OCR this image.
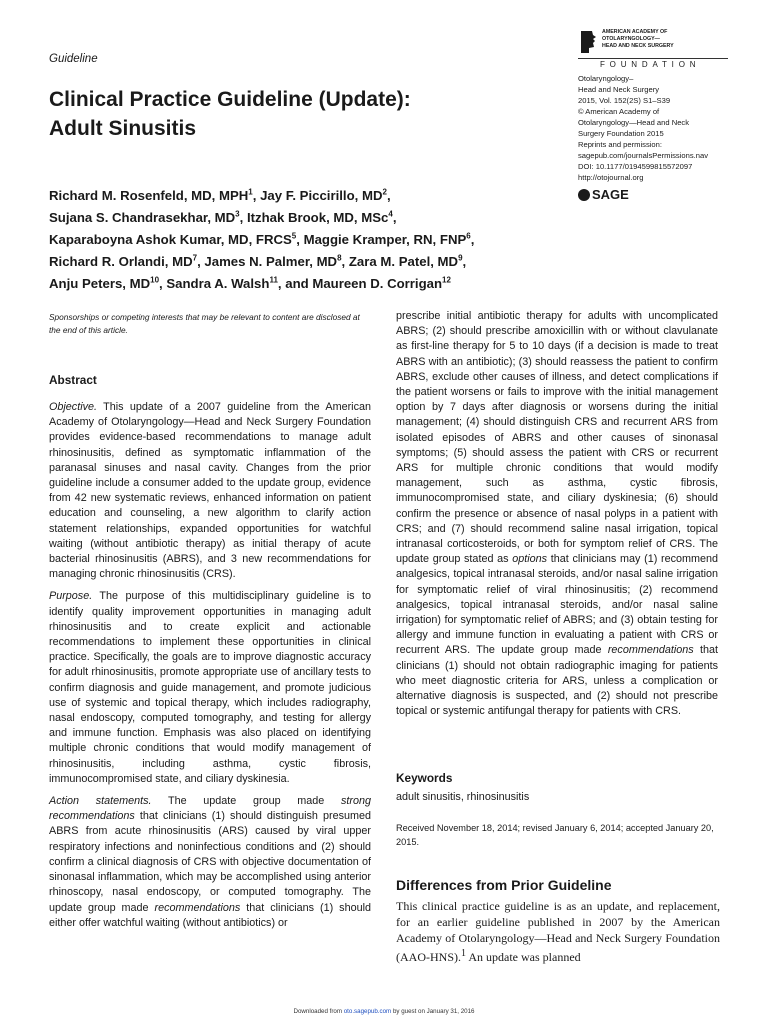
Guideline
AMERICAN ACADEMY OF
OTOLARYNGOLOGY—
HEAD AND NECK SURGERY
FOUNDATION
Otolaryngology–
Head and Neck Surgery
2015, Vol. 152(2S) S1–S39
© American Academy of
Otolaryngology—Head and Neck
Surgery Foundation 2015
Reprints and permission:
sagepub.com/journalsPermissions.nav
DOI: 10.1177/0194599815572097
http://otojournal.org
SAGE
Clinical Practice Guideline (Update):
Adult Sinusitis

Richard M. Rosenfeld, MD, MPH$^1$, Jay F. Piccirillo, $MD^2$,
Sujana S. Chandrasekhar, $MD^3$, Itzhak Brook, MD, MSc$^4$,
Kaparaboyna Ashok Kumar, MD, FRCS$^5$, Maggie Kramper, RN, FNP$^6$,
Richard R. Orlandi, $MD^7$, James N. Palmer, $MD^8$, Zara M. Patel, $MD^9$,
Anju Peters, MD$^{10}$, Sandra A. Walsh$^{11}$, and Maureen D. Corrigan$^{12}$

Sponsorships or competing interests that may be relevant to content are disclosed at the end of this article.

Abstract

Objective. This update of a 2007 guideline from the American Academy of Otolaryngology—Head and Neck Surgery Foundation provides evidence-based recommendations to manage adult rhinosinusitis, defined as symptomatic inflammation of the paranasal sinuses and nasal cavity. Changes from the prior guideline include a consumer added to the update group, evidence from 42 new systematic reviews, enhanced information on patient education and counseling, a new algorithm to clarify action statement relationships, expanded opportunities for watchful waiting (without antibiotic therapy) as initial therapy of acute bacterial rhinosinusitis (ABRS), and 3 new recommendations for managing chronic rhinosinusitis (CRS).

Purpose. The purpose of this multidisciplinary guideline is to identify quality improvement opportunities in managing adult rhinosinusitis and to create explicit and actionable recommendations to implement these opportunities in clinical practice. Specifically, the goals are to improve diagnostic accuracy for adult rhinosinusitis, promote appropriate use of ancillary tests to confirm diagnosis and guide management, and promote judicious use of systemic and topical therapy, which includes radiography, nasal endoscopy, computed tomography, and testing for allergy and immune function. Emphasis was also placed on identifying multiple chronic conditions that would modify management of rhinosinusitis, including asthma, cystic fibrosis, immunocompromised state, and ciliary dyskinesia.

Action statements. The update group made strong recommendations that clinicians (1) should distinguish presumed ABRS from acute rhinosinusitis (ARS) caused by viral upper respiratory infections and noninfectious conditions and (2) should confirm a clinical diagnosis of CRS with objective documentation of sinonasal inflammation, which may be accomplished using anterior rhinoscopy, nasal endoscopy, or computed tomography. The update group made recommendations that clinicians (1) should either offer watchful waiting (without antibiotics) or

prescribe initial antibiotic therapy for adults with uncomplicated ABRS; (2) should prescribe amoxicillin with or without clavulanate as first-line therapy for 5 to 10 days (if a decision is made to treat ABRS with an antibiotic); (3) should reassess the patient to confirm ABRS, exclude other causes of illness, and detect complications if the patient worsens or fails to improve with the initial management option by 7 days after diagnosis or worsens during the initial management; (4) should distinguish CRS and recurrent ARS from isolated episodes of ABRS and other causes of sinonasal symptoms; (5) should assess the patient with CRS or recurrent ARS for multiple chronic conditions that would modify management, such as asthma, cystic fibrosis, immunocompromised state, and ciliary dyskinesia; (6) should confirm the presence or absence of nasal polyps in a patient with CRS; and (7) should recommend saline nasal irrigation, topical intranasal corticosteroids, or both for symptom relief of CRS. The update group stated as options that clinicians may (1) recommend analgesics, topical intranasal steroids, and/or nasal saline irrigation for symptomatic relief of viral rhinosinusitis; (2) recommend analgesics, topical intranasal steroids, and/or nasal saline irrigation) for symptomatic relief of ABRS; and (3) obtain testing for allergy and immune function in evaluating a patient with CRS or recurrent ARS. The update group made recommendations that clinicians (1) should not obtain radiographic imaging for patients who meet diagnostic criteria for ARS, unless a complication or alternative diagnosis is suspected, and (2) should not prescribe topical or systemic antifungal therapy for patients with CRS.

Keywords
adult sinusitis, rhinosinusitis

Received November 18, 2014; revised January 6, 2014; accepted January 20, 2015.

Differences from Prior Guideline

This clinical practice guideline is as an update, and replacement, for an earlier guideline published in 2007 by the American Academy of Otolaryngology—Head and Neck Surgery Foundation (AAO-HNS).$^1$ An update was planned

Downloaded from oto.sagepub.com by guest on January 31, 2016
